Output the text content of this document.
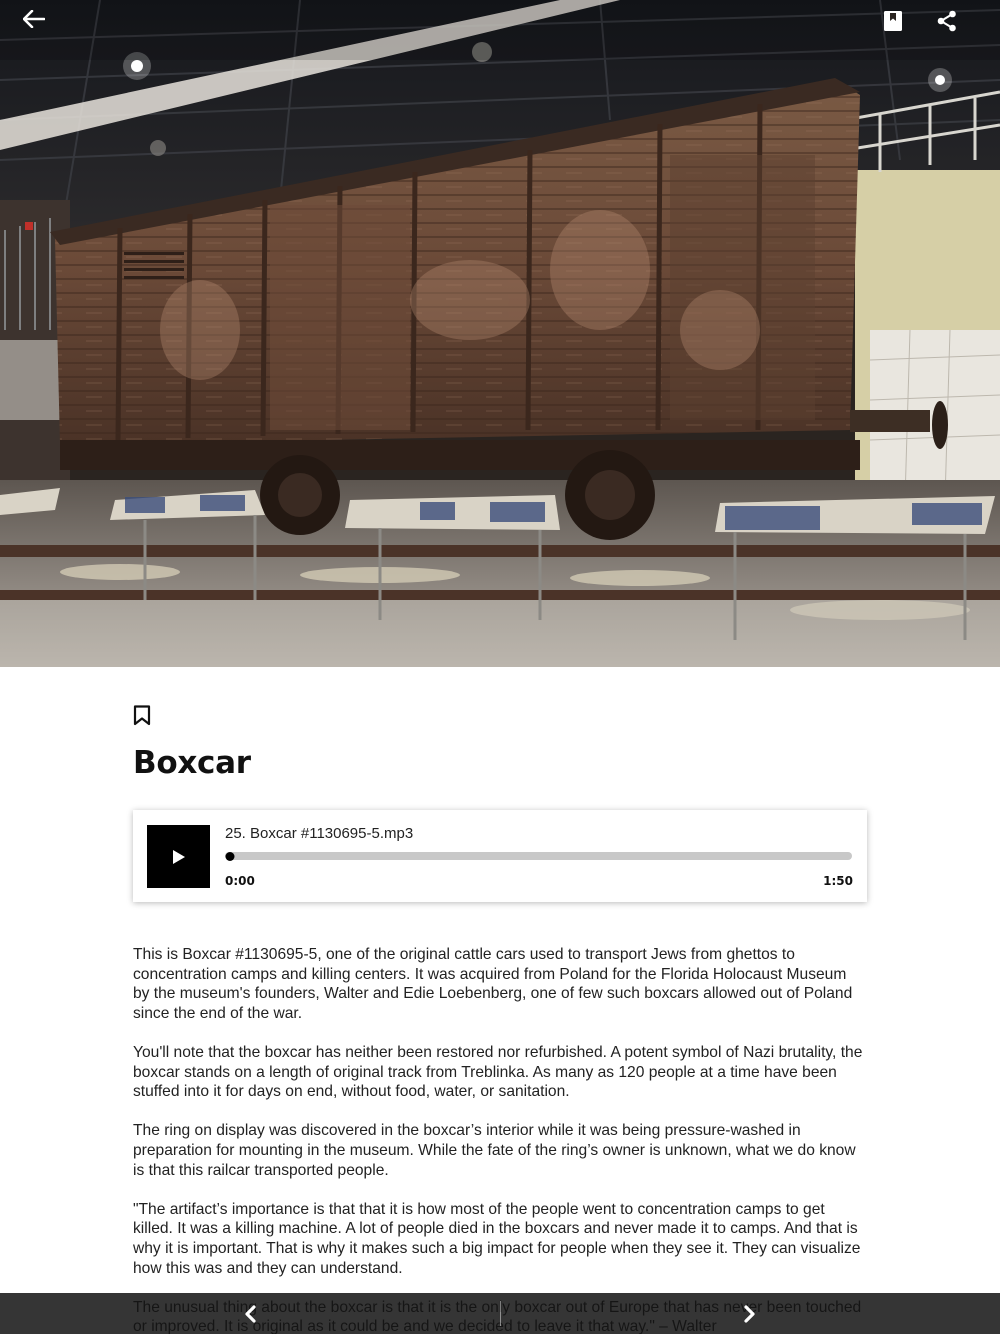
Boxcar
25. Boxcar #1130695-5.mp3
0:00	1:50

This is Boxcar #1130695-5, one of the original cattle cars used to transport Jews from ghettos to concentration camps and killing centers. It was acquired from Poland for the Florida Holocaust Museum by the museum's founders, Walter and Edie Loebenberg, one of few such boxcars allowed out of Poland since the end of the war.

You'll note that the boxcar has neither been restored nor refurbished. A potent symbol of Nazi brutality, the boxcar stands on a length of original track from Treblinka. As many as 120 people at a time have been stuffed into it for days on end, without food, water, or sanitation.

The ring on display was discovered in the boxcar’s interior while it was being pressure-washed in preparation for mounting in the museum. While the fate of the ring’s owner is unknown, what we do know is that this railcar transported people.

"The artifact’s importance is that that it is how most of the people went to concentration camps to get killed. It was a killing machine. A lot of people died in the boxcars and never made it to camps. And that is why it is important. That is why it makes such a big impact for people when they see it. They can visualize how this was and they can understand.
